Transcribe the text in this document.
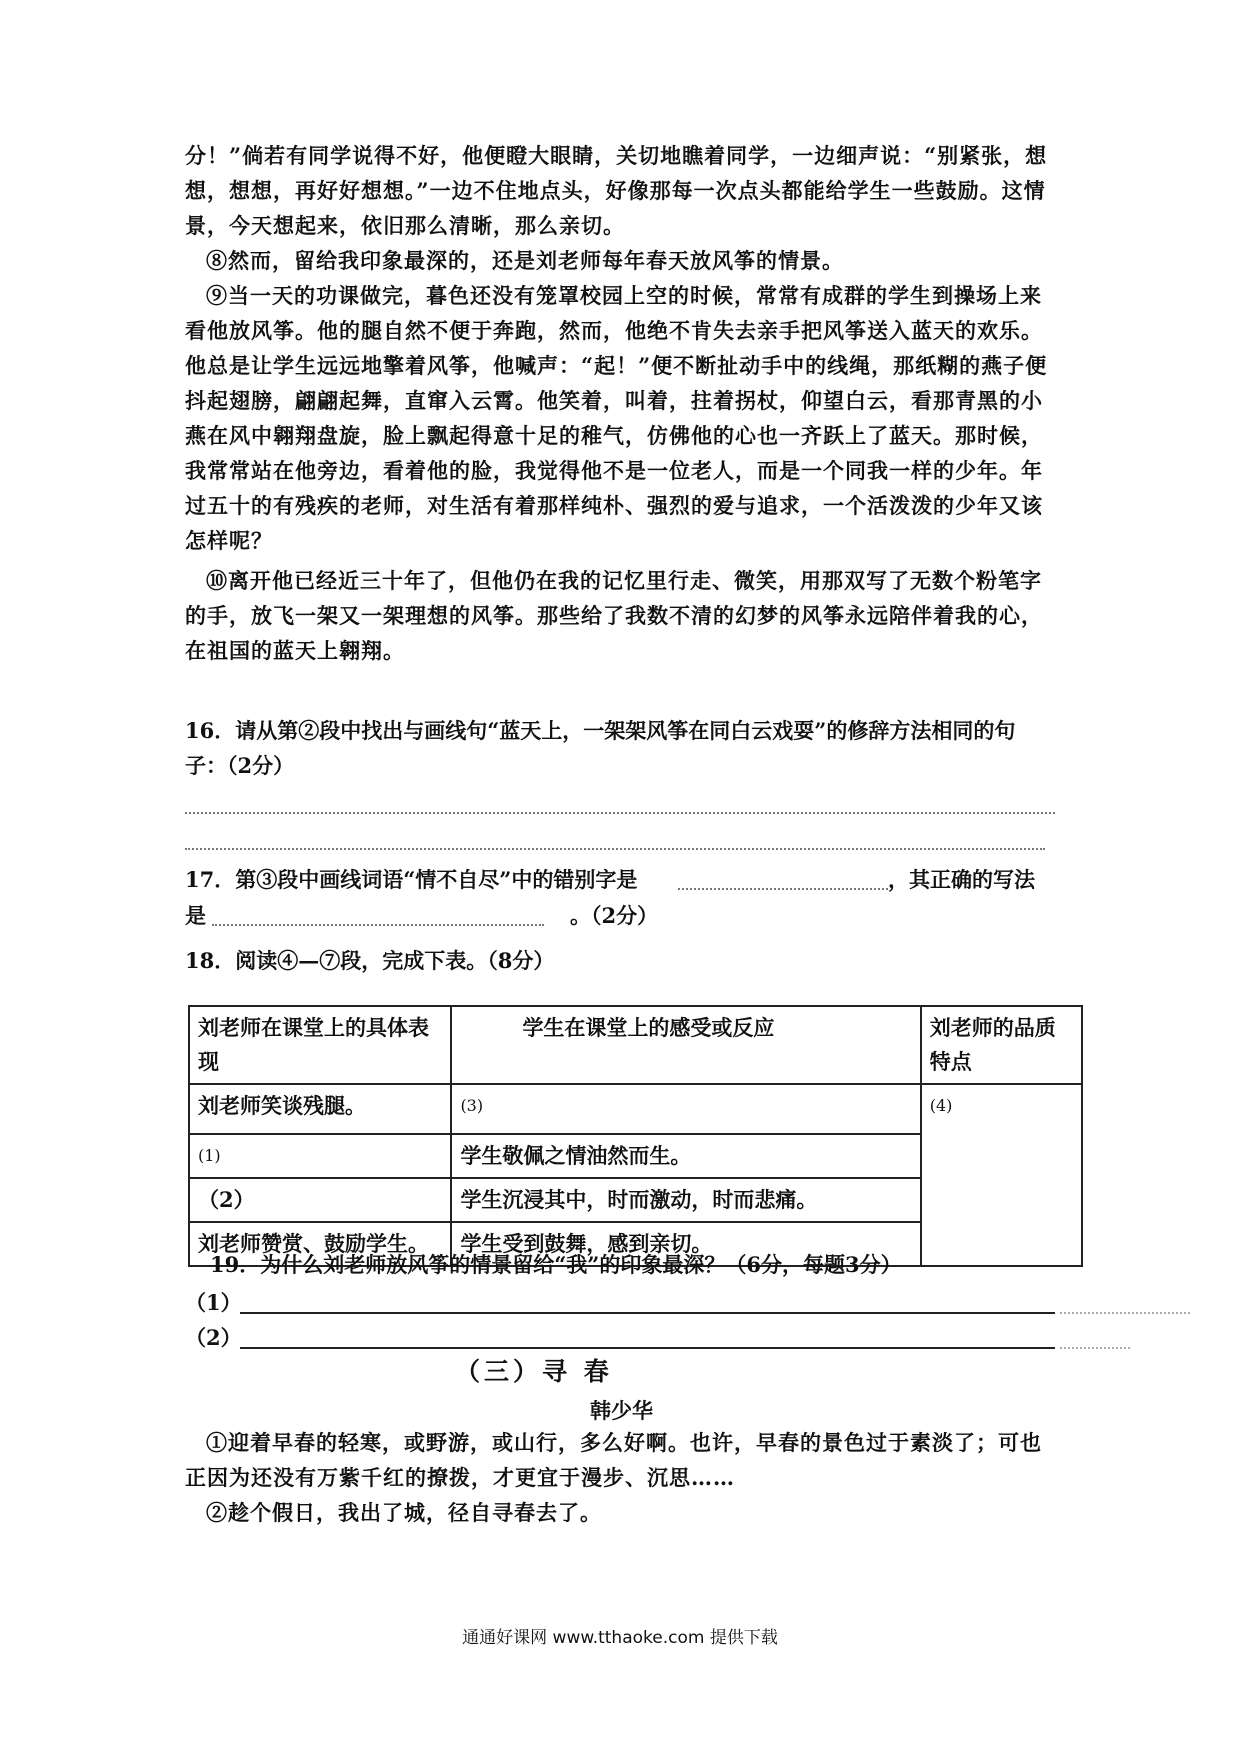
分！”倘若有同学说得不好，他便瞪大眼睛，关切地瞧着同学，一边细声说：“别紧张，想想，想想，再好好想想。”一边不住地点头，好像那每一次点头都能给学生一些鼓励。这情景，今天想起来，依旧那么清晰，那么亲切。
⑧然而，留给我印象最深的，还是刘老师每年春天放风筝的情景。
⑨当一天的功课做完，暮色还没有笼罩校园上空的时候，常常有成群的学生到操场上来看他放风筝。他的腿自然不便于奔跑，然而，他绝不肯失去亲手把风筝送入蓝天的欢乐。他总是让学生远远地擎着风筝，他喊声：“起！”便不断扯动手中的线绳，那纸糊的燕子便抖起翅膀，翩翩起舞，直窜入云霄。他笑着，叫着，拄着拐杖，仰望白云，看那青黑的小燕在风中翱翔盘旋，脸上飘起得意十足的稚气，仿佛他的心也一齐跃上了蓝天。那时候，我常常站在他旁边，看着他的脸，我觉得他不是一位老人，而是一个同我一样的少年。年过五十的有残疾的老师，对生活有着那样纯朴、强烈的爱与追求，一个活泼泼的少年又该怎样呢？
⑩离开他已经近三十年了，但他仍在我的记忆里行走、微笑，用那双写了无数个粉笔字的手，放飞一架又一架理想的风筝。那些给了我数不清的幻梦的风筝永远陪伴着我的心，在祖国的蓝天上翱翔。
16．请从第②段中找出与画线句“蓝天上，一架架风筝在同白云戏耍”的修辞方法相同的句子：（2分）
17．第③段中画线词语“情不自尽”中的错别字是	，其正确的写法
是	。（2分）
18．阅读④—⑦段，完成下表。（8分）
刘老师在课堂上的具体表现	学生在课堂上的感受或反应	刘老师的品质特点
刘老师笑谈残腿。	(3)	(4)
(1)	学生敬佩之情油然而生。	
（2）	学生沉浸其中，时而激动，时而悲痛。	
刘老师赞赏、鼓励学生。	学生受到鼓舞，感到亲切。	
19．为什么刘老师放风筝的情景留给“我”的印象最深？（6分，每题3分）
（1）
（2）
（三）寻 春
韩少华
①迎着早春的轻寒，或野游，或山行，多么好啊。也许，早春的景色过于素淡了；可也正因为还没有万紫千红的撩拨，才更宜于漫步、沉思……
②趁个假日，我出了城，径自寻春去了。
通通好课网 www.tthaoke.com 提供下载
